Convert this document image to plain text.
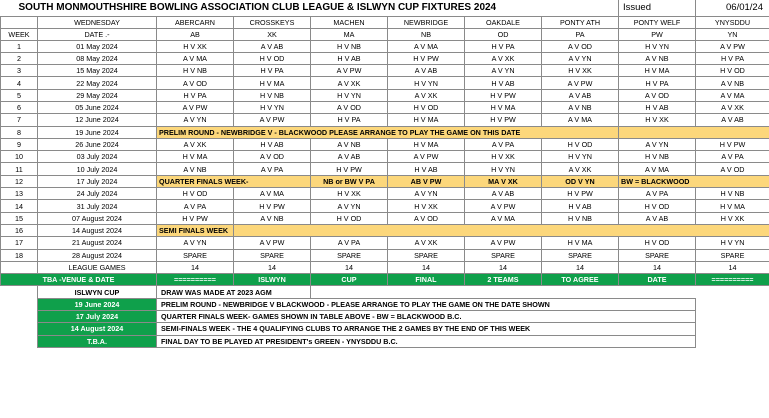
SOUTH MONMOUTHSHIRE BOWLING ASSOCIATION CLUB LEAGUE & ISLWYN CUP FIXTURES 2024								Issued	06/01/24
	WEDNESDAY	ABERCARN	CROSSKEYS	MACHEN	NEWBRIDGE	OAKDALE	PONTY ATH	PONTY WELF	YNYSDDU
WEEK	DATE .-	AB	XK	MA	NB	OD	PA	PW	YN
1	01 May 2024	H V XK	A V AB	H V NB	A V MA	H V PA	A V OD	H V YN	A V PW
2	08 May 2024	A V MA	H V OD	H V AB	H V PW	A V XK	A V YN	A V NB	H V PA
3	15 May 2024	H V NB	H V PA	A V PW	A V AB	A V YN	H V XK	H V MA	H V OD
4	22 May 2024	A V OD	H V MA	A V XK	H V YN	H V AB	A V PW	H V PA	A V NB
5	29 May 2024	H V PA	H V NB	H V YN	A V XK	H V PW	A V AB	A V OD	A V MA
6	05 June 2024	A V PW	H V YN	A V OD	H V OD	H V MA	A V NB	H V AB	A V XK
7	12 June 2024	A V YN	A V PW	H V PA	H V MA	H V PW	A V MA	H V XK	A V AB
8	19 June 2024	PRELIM ROUND - NEWBRIDGE V - BLACKWOOD PLEASE ARRANGE TO PLAY THE GAME ON THIS DATE							
9	26 June 2024	A V XK	H V AB	A V NB	H V MA	A V PA	H V OD	A V YN	H V PW
10	03 July 2024	H V MA	A V OD	A V AB	A V PW	H V XK	H V YN	H V NB	A V PA
11	10 July 2024	A V NB	A V PA	H V PW	H V AB	H V YN	A V XK	A V MA	A V OD
12	17 July 2024	QUARTER FINALS WEEK-		NB or BW V PA	AB V PW	MA V XK	OD V YN	BW = BLACKWOOD	
13	24 July 2024	H V OD	A V MA	H V XK	A V YN	A V AB	H V PW	A V PA	H V NB
14	31 July 2024	A V PA	H V PW	A V YN	H V XK	A V PW	H V AB	H V OD	H V MA
15	07 August 2024	H V PW	A V NB	H V OD	A V OD	A V MA	H V NB	A V AB	H V XK
16	14 August 2024	SEMI FINALS WEEK							
17	21 August 2024	A V YN	A V PW	A V PA	A V XK	A V PW	H V MA	H V OD	H V YN
18	28 August 2024	SPARE	SPARE	SPARE	SPARE	SPARE	SPARE	SPARE	SPARE
	LEAGUE GAMES	14	14	14	14	14	14	14	14
TBA -VENUE & DATE		==========	ISLWYN	CUP	FINAL	2 TEAMS	TO AGREE	DATE	==========
	ISLWYN CUP	DRAW WAS MADE AT 2023 AGM							
	19 June 2024	PRELIM ROUND - NEWBRIDGE V BLACKWOOD - PLEASE ARRANGE TO PLAY THE GAME ON THE DATE SHOWN							
	17 July 2024	QUARTER FINALS WEEK- GAMES SHOWN IN TABLE ABOVE - BW = BLACKWOOD B.C.							
	14 August 2024	SEMI-FINALS WEEK - THE 4 QUALIFYING CLUBS TO ARRANGE THE 2 GAMES BY THE END OF THIS WEEK							
	T.B.A.	FINAL DAY TO BE PLAYED AT PRESIDENT's GREEN - YNYSDDU B.C.							
